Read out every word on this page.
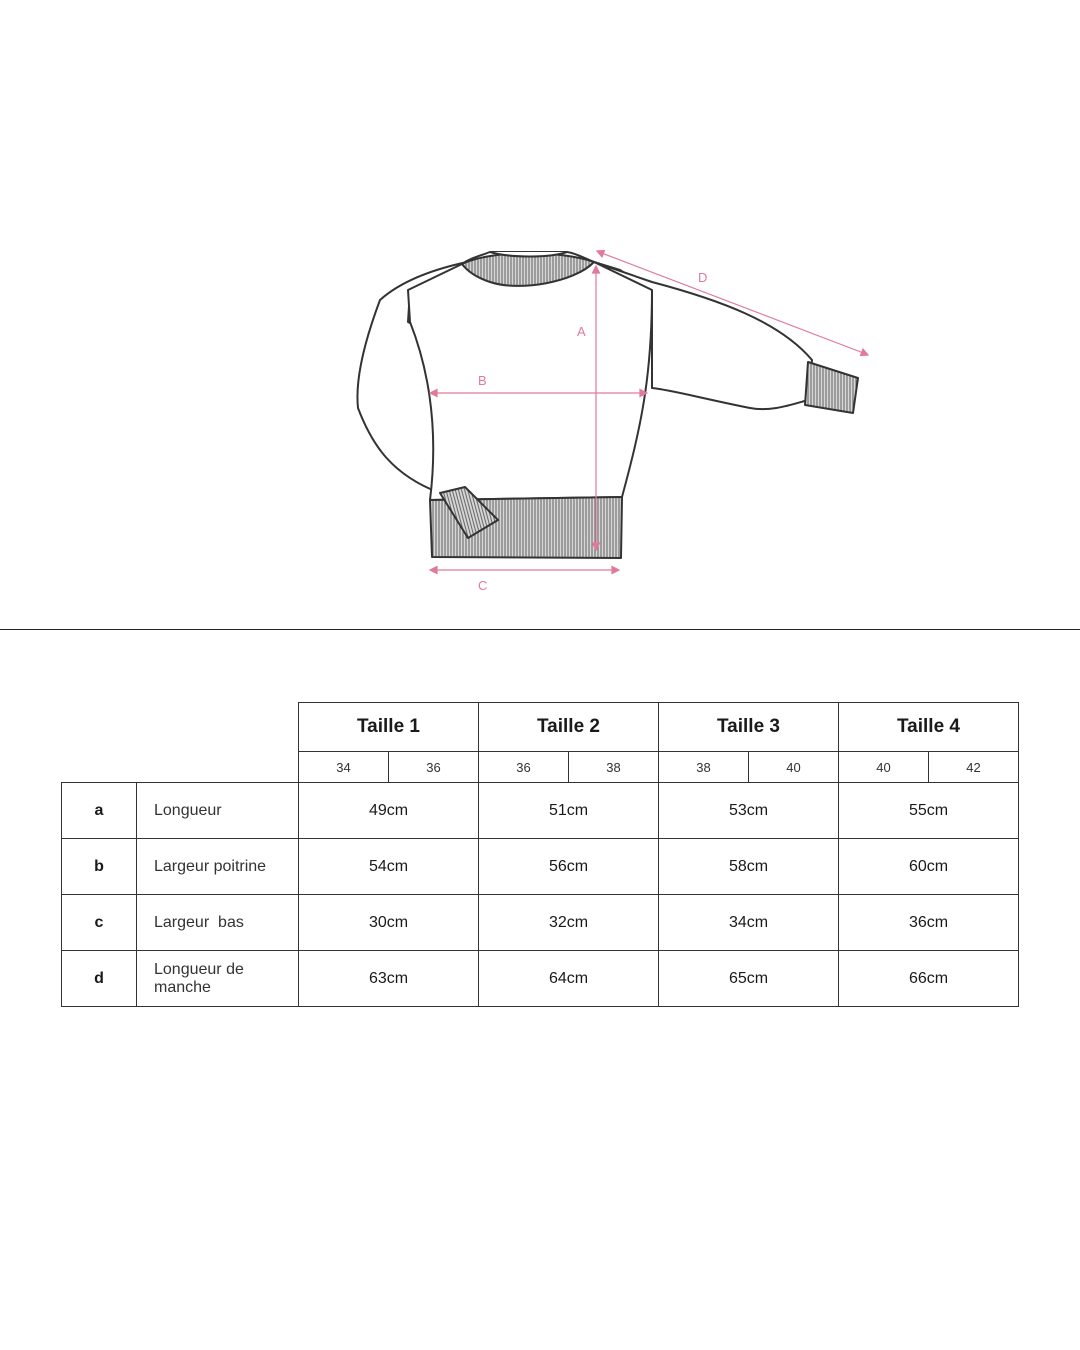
A
B
C
D
		Taille 1		Taille 2		Taille 3		Taille 4	
		34	36	36	38	38	40	40	42
a	Longueur	49cm		51cm		53cm		55cm	
b	Largeur poitrine	54cm		56cm		58cm		60cm	
c	Largeur  bas	30cm		32cm		34cm		36cm	
d	Longueur de manche	63cm		64cm		65cm		66cm	
